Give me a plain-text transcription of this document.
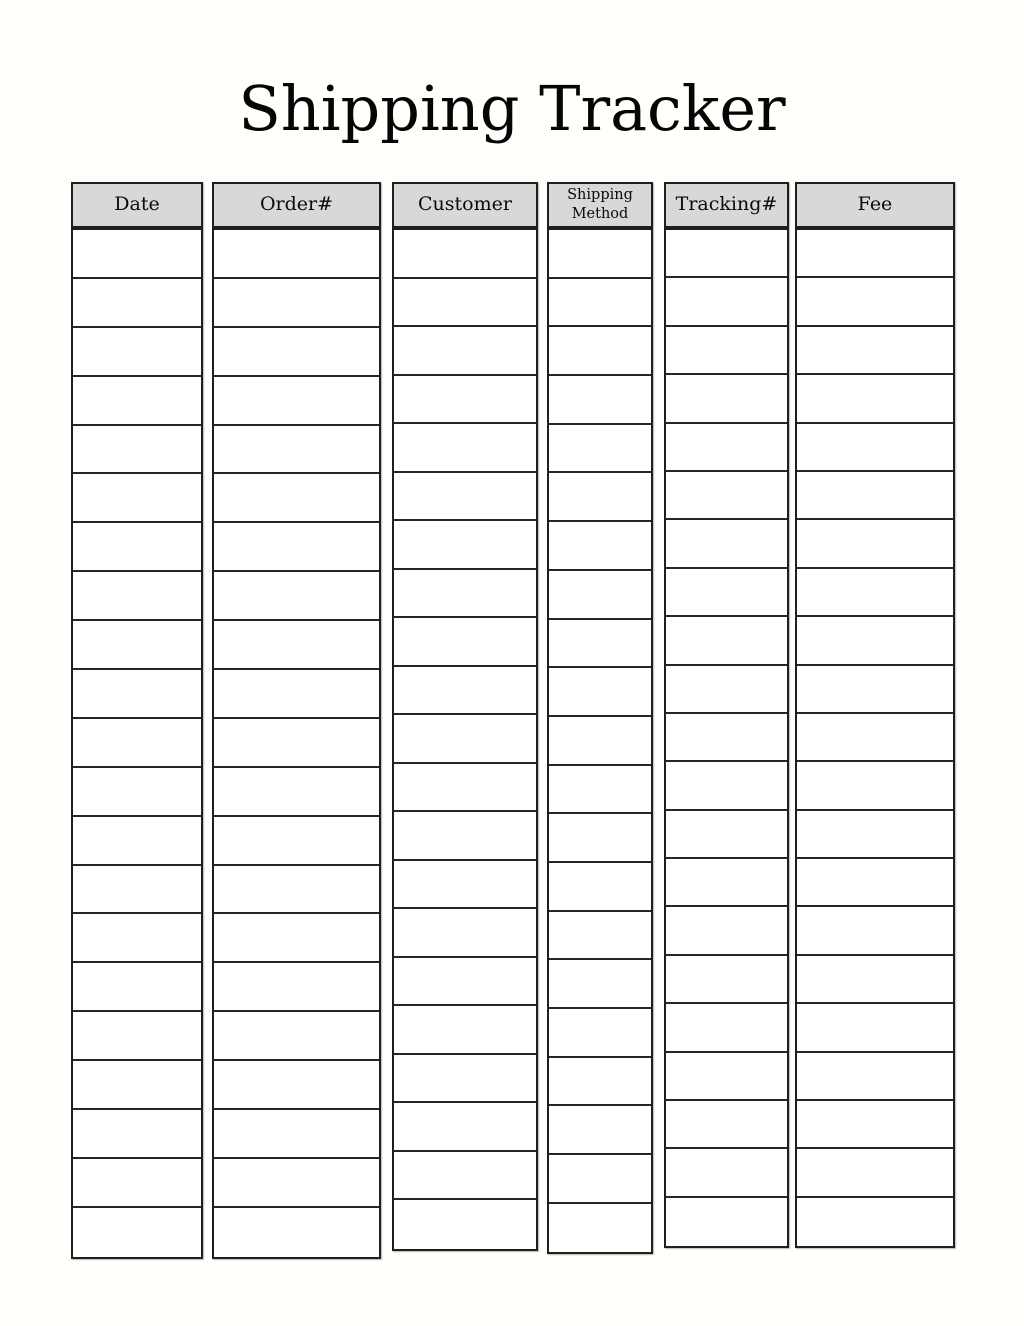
Shipping Tracker
Date	Order#	Customer	Shipping Method	Tracking#	Fee
